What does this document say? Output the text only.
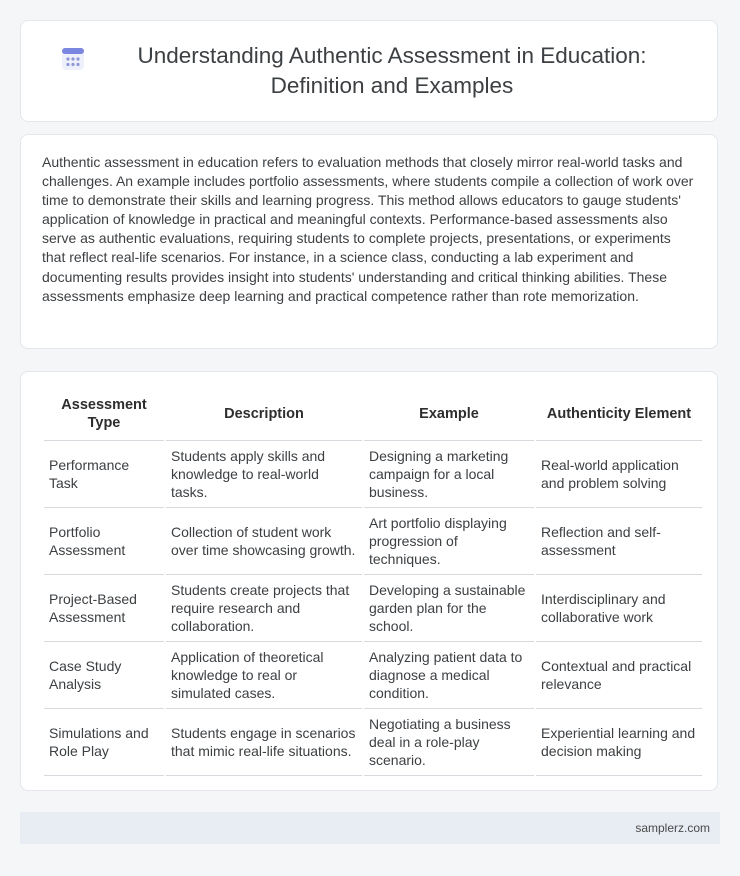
Understanding Authentic Assessment in Education: Definition and Examples

Authentic assessment in education refers to evaluation methods that closely mirror real-world tasks and challenges. An example includes portfolio assessments, where students compile a collection of work over time to demonstrate their skills and learning progress. This method allows educators to gauge students' application of knowledge in practical and meaningful contexts. Performance-based assessments also serve as authentic evaluations, requiring students to complete projects, presentations, or experiments that reflect real-life scenarios. For instance, in a science class, conducting a lab experiment and documenting results provides insight into students' understanding and critical thinking abilities. These assessments emphasize deep learning and practical competence rather than rote memorization.

Assessment Type	Description	Example	Authenticity Element
Performance Task	Students apply skills and knowledge to real-world tasks.	Designing a marketing campaign for a local business.	Real-world application and problem solving
Portfolio Assessment	Collection of student work over time showcasing growth.	Art portfolio displaying progression of techniques.	Reflection and self-assessment
Project-Based Assessment	Students create projects that require research and collaboration.	Developing a sustainable garden plan for the school.	Interdisciplinary and collaborative work
Case Study Analysis	Application of theoretical knowledge to real or simulated cases.	Analyzing patient data to diagnose a medical condition.	Contextual and practical relevance
Simulations and Role Play	Students engage in scenarios that mimic real-life situations.	Negotiating a business deal in a role-play scenario.	Experiential learning and decision making
samplerz.com
